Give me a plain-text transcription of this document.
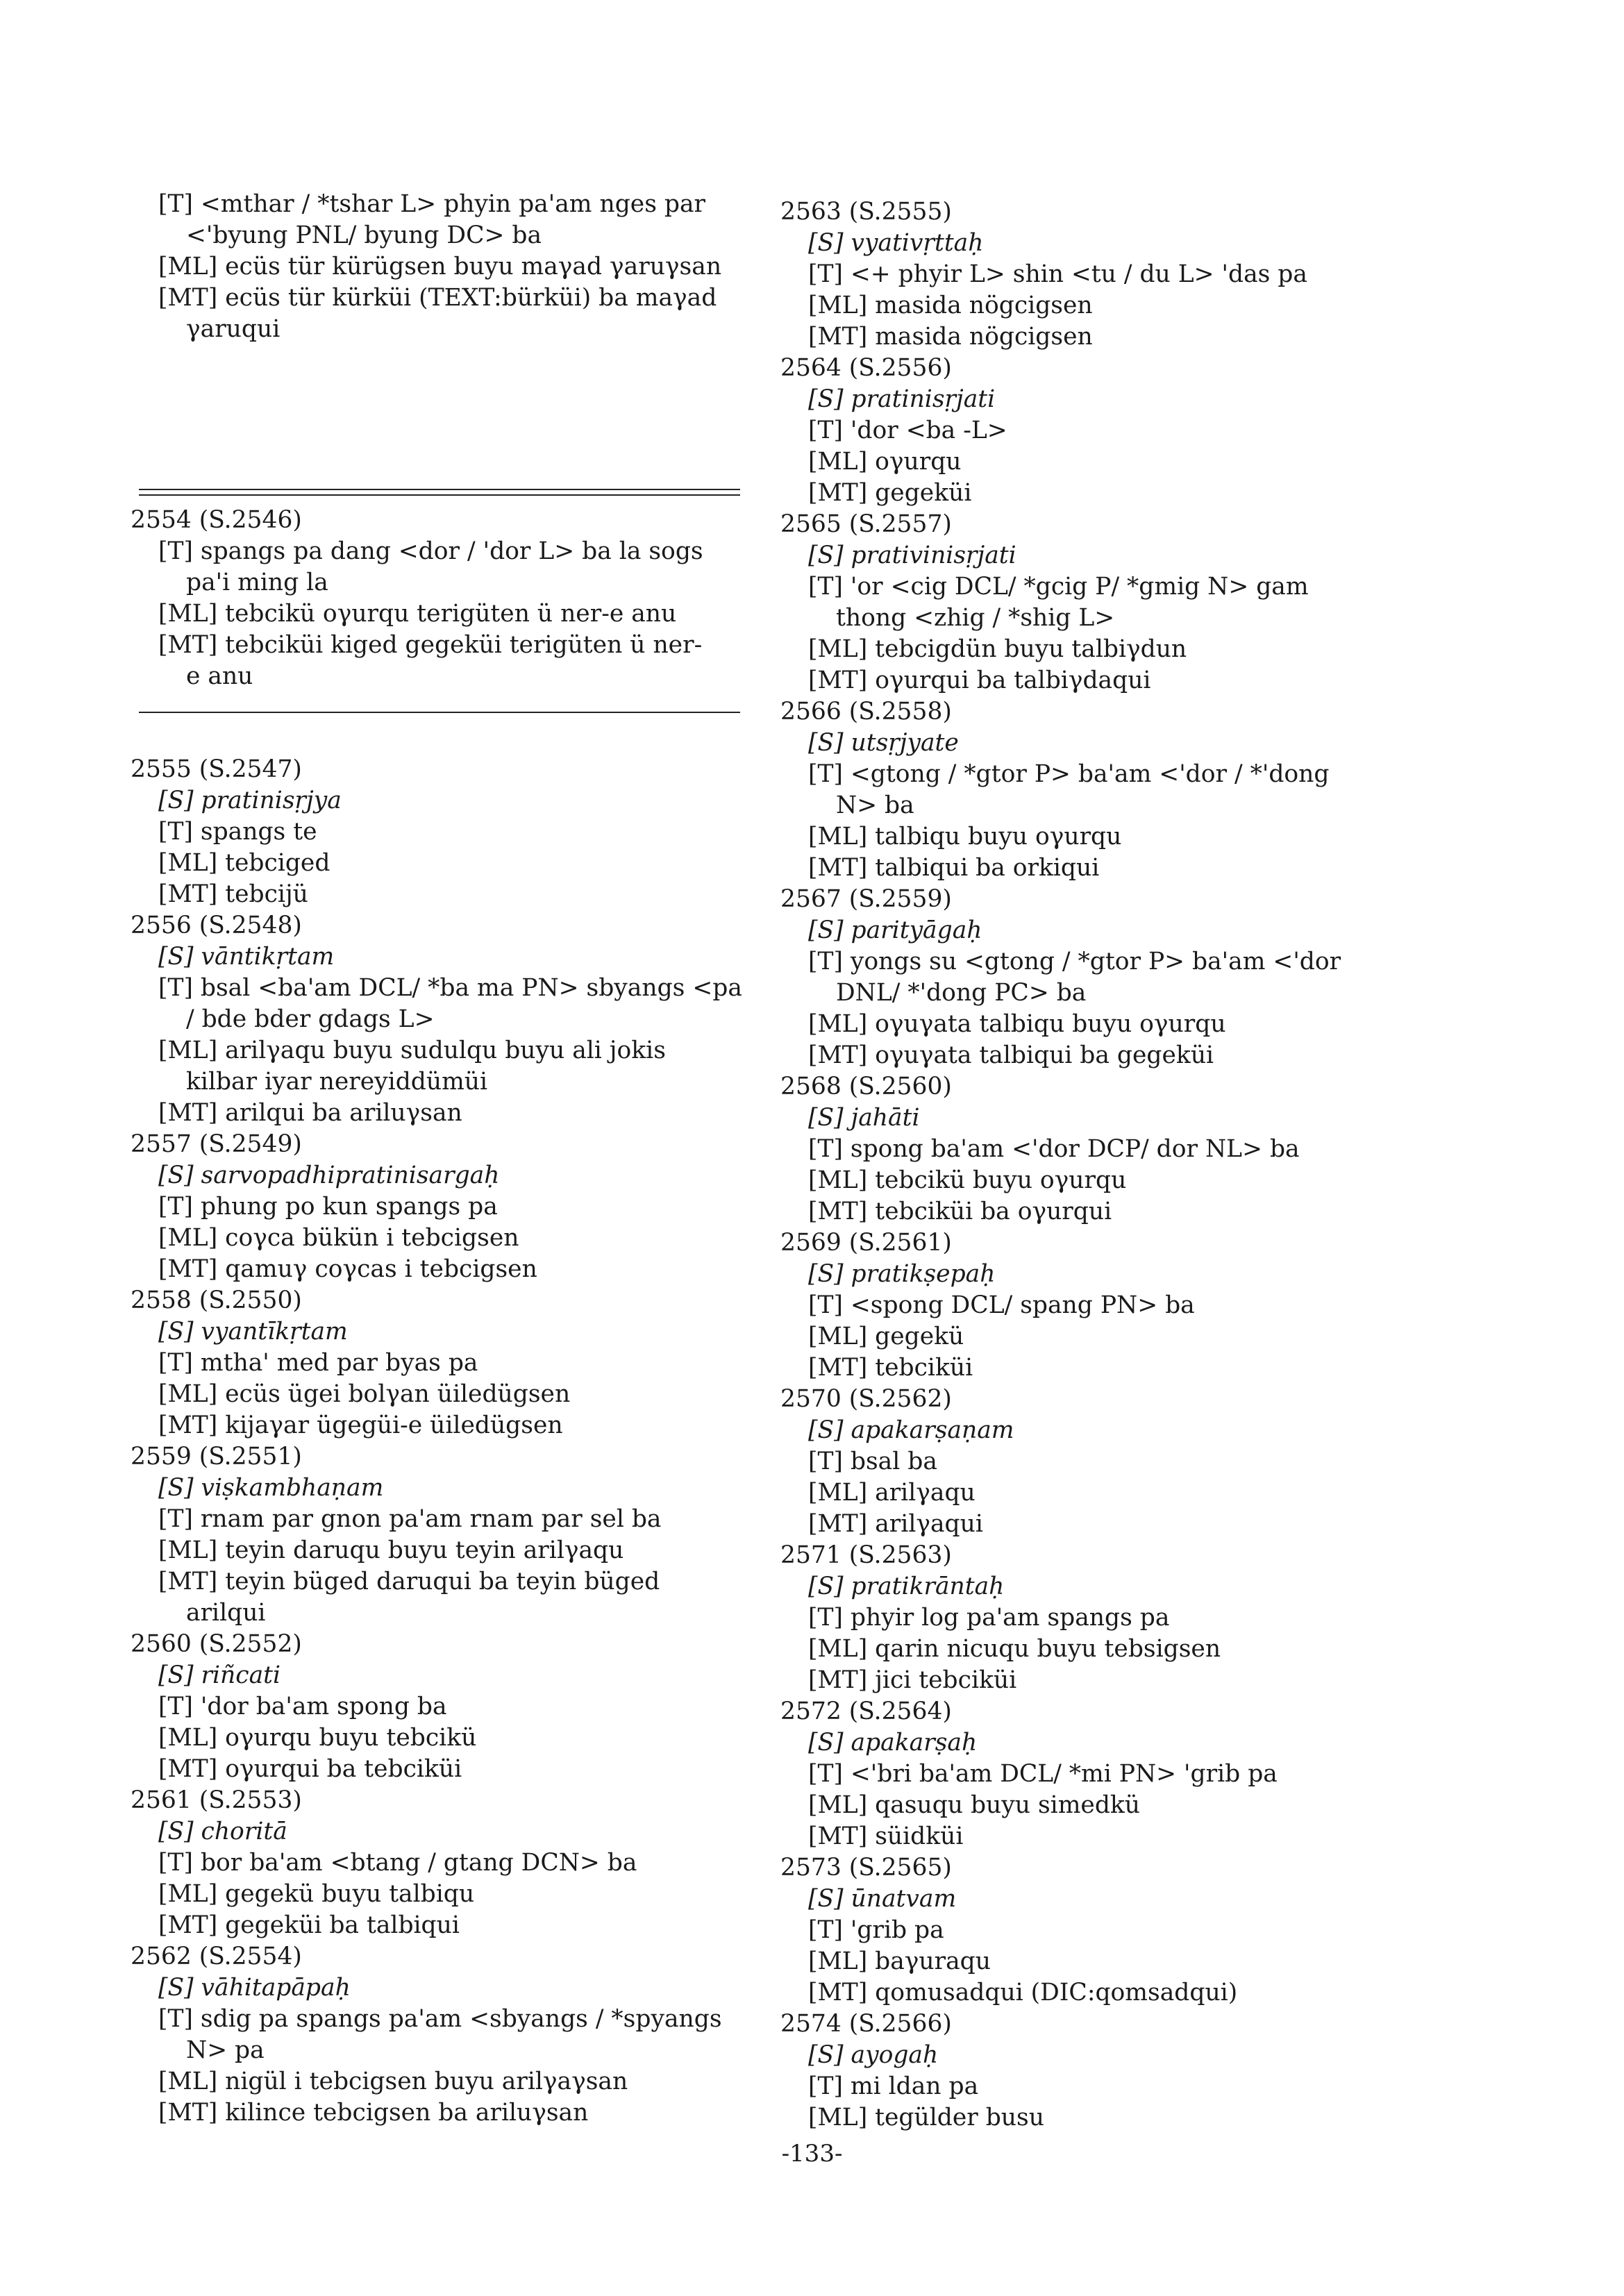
[T] <mthar / *tshar L> phyin pa'am nges par
<'byung PNL/ byung DC> ba
[ML] ecüs tür kürügsen buyu maγad γaruγsan
[MT] ecüs tür kürküi (TEXT:bürküi) ba maγad
γaruqui
2554 (S.2546)
[T] spangs pa dang <dor / 'dor L> ba la sogs
pa'i ming la
[ML] tebcikü oγurqu terigüten ü ner-e anu
[MT] tebciküi kiged gegeküi terigüten ü ner-
e anu
2555 (S.2547)
[S] pratinisṛjya
[T] spangs te
[ML] tebciged
[MT] tebcijü
2556 (S.2548)
[S] vāntikṛtam
[T] bsal <ba'am DCL/ *ba ma PN> sbyangs <pa
/ bde bder gdags L>
[ML] arilγaqu buyu sudulqu buyu ali jokis
kilbar iyar nereyiddümüi
[MT] arilqui ba ariluγsan
2557 (S.2549)
[S] sarvopadhipratinisargaḥ
[T] phung po kun spangs pa
[ML] coγca bükün i tebcigsen
[MT] qamuγ coγcas i tebcigsen
2558 (S.2550)
[S] vyantīkṛtam
[T] mtha' med par byas pa
[ML] ecüs ügei bolγan üiledügsen
[MT] kijaγar ügegüi-e üiledügsen
2559 (S.2551)
[S] viṣkambhaṇam
[T] rnam par gnon pa'am rnam par sel ba
[ML] teyin daruqu buyu teyin arilγaqu
[MT] teyin büged daruqui ba teyin büged
arilqui
2560 (S.2552)
[S] riñcati
[T] 'dor ba'am spong ba
[ML] oγurqu buyu tebcikü
[MT] oγurqui ba tebciküi
2561 (S.2553)
[S] choritā
[T] bor ba'am <btang / gtang DCN> ba
[ML] gegekü buyu talbiqu
[MT] gegeküi ba talbiqui
2562 (S.2554)
[S] vāhitapāpaḥ
[T] sdig pa spangs pa'am <sbyangs / *spyangs
N> pa
[ML] nigül i tebcigsen buyu arilγaγsan
[MT] kilince tebcigsen ba ariluγsan
2563 (S.2555)
[S] vyativṛttaḥ
[T] <+ phyir L> shin <tu / du L> 'das pa
[ML] masida nögcigsen
[MT] masida nögcigsen
2564 (S.2556)
[S] pratinisṛjati
[T] 'dor <ba -L>
[ML] oγurqu
[MT] gegeküi
2565 (S.2557)
[S] prativinisṛjati
[T] 'or <cig DCL/ *gcig P/ *gmig N> gam
thong <zhig / *shig L>
[ML] tebcigdün buyu talbiγdun
[MT] oγurqui ba talbiγdaqui
2566 (S.2558)
[S] utsṛjyate
[T] <gtong / *gtor P> ba'am <'dor / *'dong
N> ba
[ML] talbiqu buyu oγurqu
[MT] talbiqui ba orkiqui
2567 (S.2559)
[S] parityāgaḥ
[T] yongs su <gtong / *gtor P> ba'am <'dor
DNL/ *'dong PC> ba
[ML] oγuγata talbiqu buyu oγurqu
[MT] oγuγata talbiqui ba gegeküi
2568 (S.2560)
[S] jahāti
[T] spong ba'am <'dor DCP/ dor NL> ba
[ML] tebcikü buyu oγurqu
[MT] tebciküi ba oγurqui
2569 (S.2561)
[S] pratikṣepaḥ
[T] <spong DCL/ spang PN> ba
[ML] gegekü
[MT] tebciküi
2570 (S.2562)
[S] apakarṣaṇam
[T] bsal ba
[ML] arilγaqu
[MT] arilγaqui
2571 (S.2563)
[S] pratikrāntaḥ
[T] phyir log pa'am spangs pa
[ML] qarin nicuqu buyu tebsigsen
[MT] jici tebciküi
2572 (S.2564)
[S] apakarṣaḥ
[T] <'bri ba'am DCL/ *mi PN> 'grib pa
[ML] qasuqu buyu simedkü
[MT] süidküi
2573 (S.2565)
[S] ūnatvam
[T] 'grib pa
[ML] baγuraqu
[MT] qomusadqui (DIC:qomsadqui)
2574 (S.2566)
[S] ayogaḥ
[T] mi ldan pa
[ML] tegülder busu
-133-
